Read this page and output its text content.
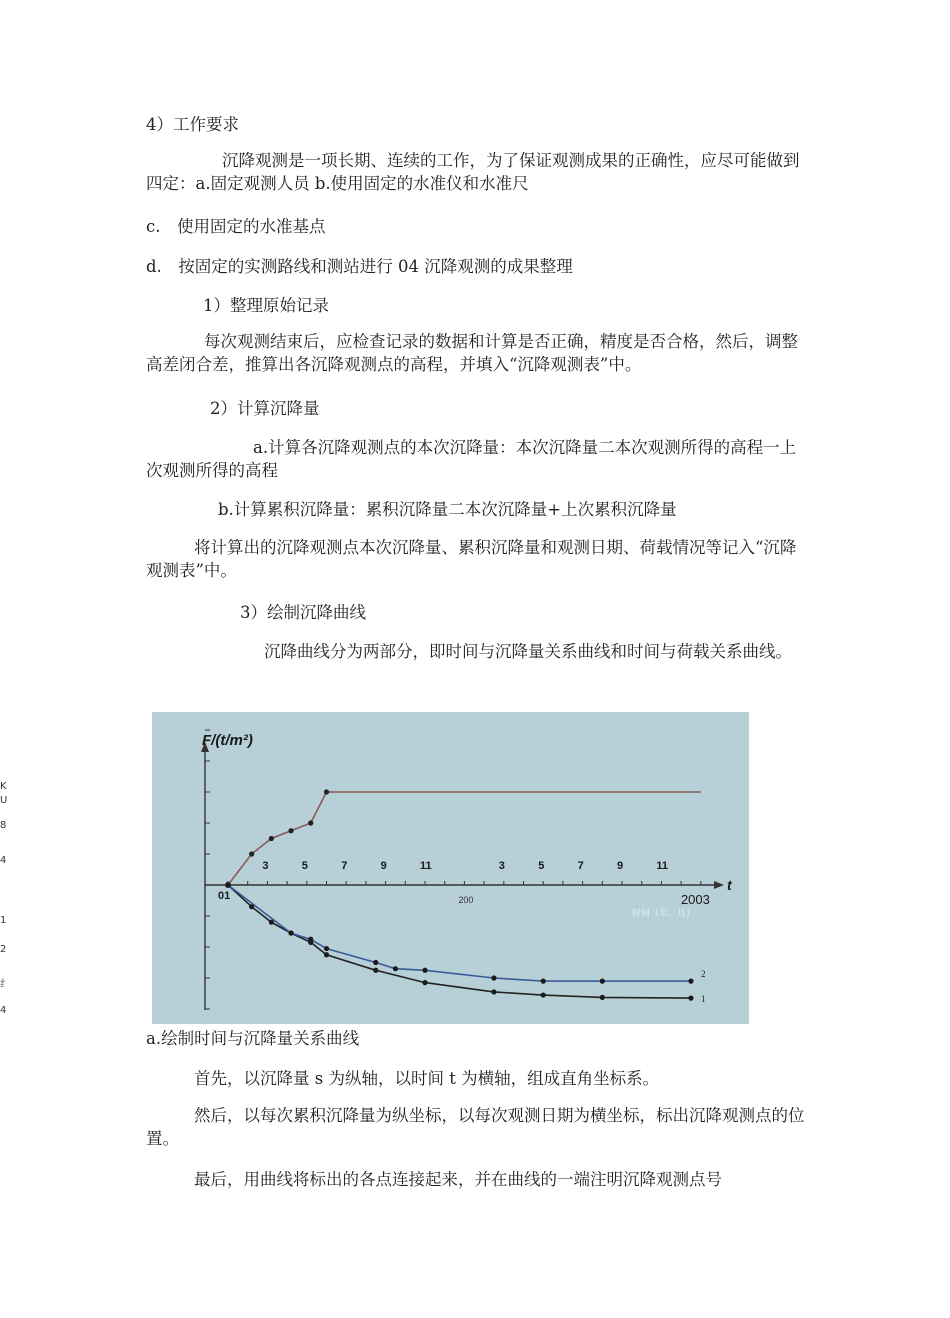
K
U
8
4
1
2
纟
4
4）工作要求
沉降观测是一项长期、连续的工作，为了保证观测成果的正确性，应尽可能做到四定：a.固定观测人员 b.使用固定的水准仪和水准尺
c.　使用固定的水准基点
d.　按固定的实测路线和测站进行 04 沉降观测的成果整理
1）整理原始记录
每次观测结束后，应检查记录的数据和计算是否正确，精度是否合格，然后，调整高差闭合差，推算出各沉降观测点的高程，并填入“沉降观测表”中。
2）计算沉降量
a.计算各沉降观测点的本次沉降量：本次沉降量二本次观测所得的高程一上次观测所得的高程
b.计算累积沉降量：累积沉降量二本次沉降量+上次累积沉降量
将计算出的沉降观测点本次沉降量、累积沉降量和观测日期、荷载情况等记入“沉降观测表”中。
3）绘制沉降曲线
沉降曲线分为两部分，即时间与沉降量关系曲线和时间与荷载关系曲线。
3	5	7	9	11	3	5	7	9	11
01	200	2003
1
2
F/(t/m²)
t
时间（年、月）
a.绘制时间与沉降量关系曲线
首先，以沉降量 s 为纵轴，以时间 t 为横轴，组成直角坐标系。
然后，以每次累积沉降量为纵坐标，以每次观测日期为横坐标，标出沉降观测点的位置。
最后，用曲线将标出的各点连接起来，并在曲线的一端注明沉降观测点号
